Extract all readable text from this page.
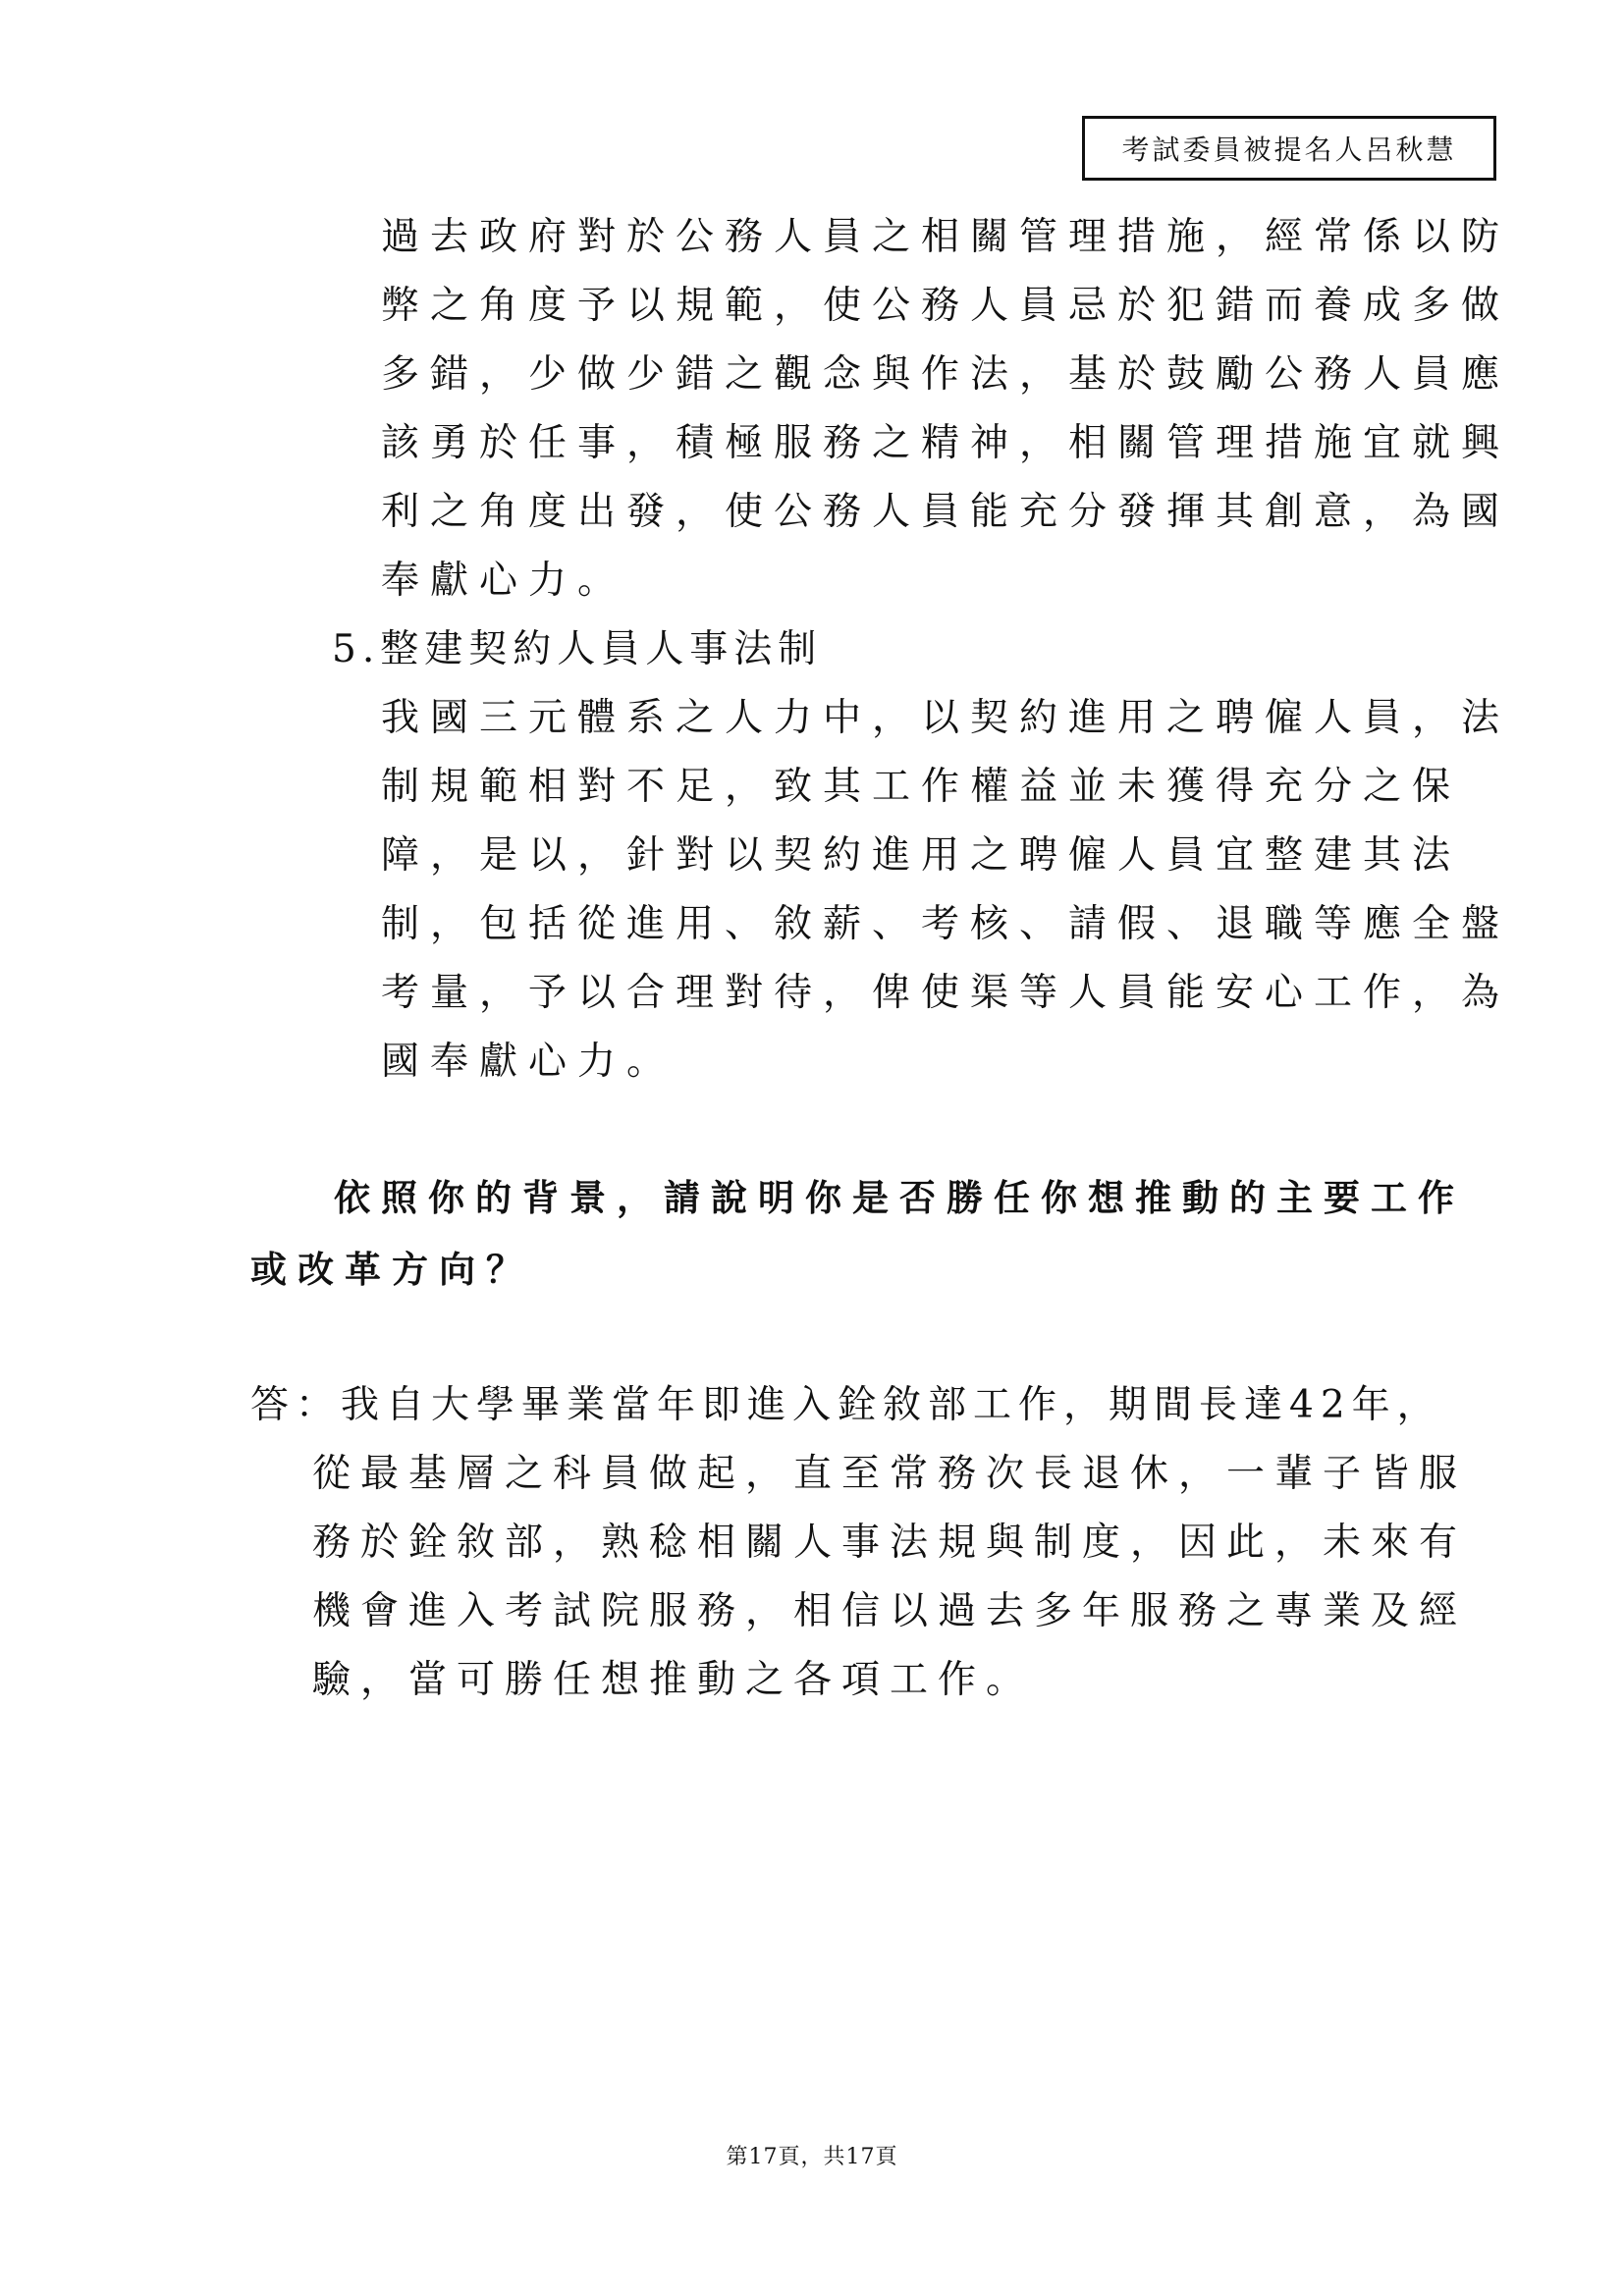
考試委員被提名人呂秋慧
過去政府對於公務人員之相關管理措施，經常係以防
弊之角度予以規範，使公務人員忌於犯錯而養成多做
多錯，少做少錯之觀念與作法，基於鼓勵公務人員應
該勇於任事，積極服務之精神，相關管理措施宜就興
利之角度出發，使公務人員能充分發揮其創意，為國
奉獻心力。
5.整建契約人員人事法制
我國三元體系之人力中，以契約進用之聘僱人員，法
制規範相對不足，致其工作權益並未獲得充分之保
障，是以，針對以契約進用之聘僱人員宜整建其法
制，包括從進用、敘薪、考核、請假、退職等應全盤
考量，予以合理對待，俾使渠等人員能安心工作，為
國奉獻心力。
依照你的背景，請說明你是否勝任你想推動的主要工作
或改革方向？
答：我自大學畢業當年即進入銓敘部工作，期間長達42年，
從最基層之科員做起，直至常務次長退休，一輩子皆服
務於銓敘部，熟稔相關人事法規與制度，因此，未來有
機會進入考試院服務，相信以過去多年服務之專業及經
驗，當可勝任想推動之各項工作。
第17頁，共17頁
